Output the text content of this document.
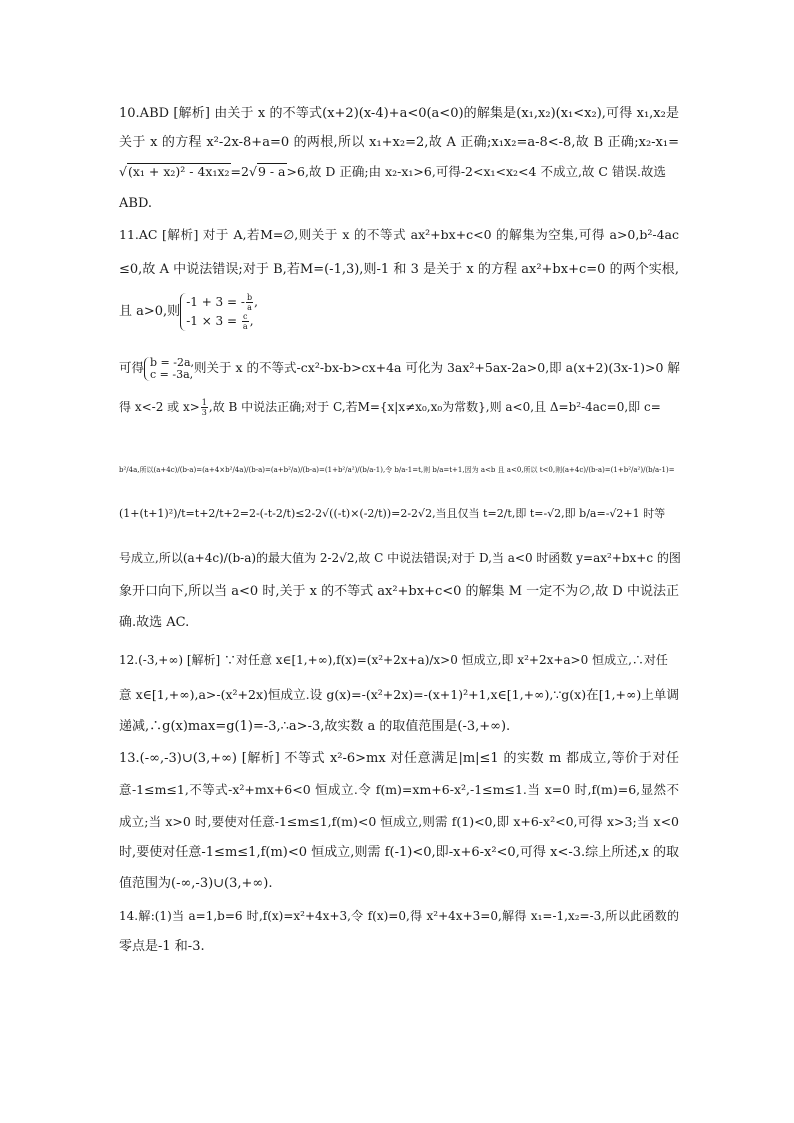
10.ABD [解析] 由关于 x 的不等式(x+2)(x-4)+a<0(a<0)的解集是(x₁,x₂)(x₁<x₂),可得 x₁,x₂是
关于 x 的方程 x²-2x-8+a=0 的两根,所以 x₁+x₂=2,故 A 正确;x₁x₂=a-8<-8,故 B 正确;x₂-x₁=
√(x₁ + x₂)² - 4x₁x₂=2√9 - a>6,故 D 正确;由 x₂-x₁>6,可得-2<x₁<x₂<4 不成立,故 C 错误.故选
ABD.
11.AC [解析] 对于 A,若M=∅,则关于 x 的不等式 ax²+bx+c<0 的解集为空集,可得 a>0,b²-4ac
≤0,故 A 中说法错误;对于 B,若M=(-1,3),则-1 和 3 是关于 x 的方程 ax²+bx+c=0 的两个实根,
且 a>0,则-1 + 3 = - $\frac{b}{a}$ ,
$-1 \times 3 = \frac{c}{a}$ ,
可得 b = -2a,
c = -3a,则关于 x 的不等式-cx²-bx-b>cx+4a 可化为 3ax²+5ax-2a>0,即 a(x+2)(3x-1)>0 解
得 x<-2 或 $x> \frac{1}{3}$ ,故 B 中说法正确;对于 C,若M={x|x≠x₀,x₀为常数},则 a<0,且 Δ=b²-4ac=0,即 c=
b²/4a,所以(a+4c)/(b-a)=(a+4×b²/4a)/(b-a)=(a+b²/a)/(b-a)=(1+b²/a²)/(b/a-1),令 b/a-1=t,则 b/a=t+1,因为 a<b 且 a<0,所以 t<0,则(a+4c)/(b-a)=(1+b²/a²)/(b/a-1)=
(1+(t+1)²)/t=t+2/t+2=2-(-t-2/t)≤2-2√((-t)×(-2/t))=2-2√2,当且仅当 t=2/t,即 t=-√2,即 b/a=-√2+1 时等
号成立,所以(a+4c)/(b-a)的最大值为 2-2√2,故 C 中说法错误;对于 D,当 a<0 时函数 y=ax²+bx+c 的图
象开口向下,所以当 a<0 时,关于 x 的不等式 ax²+bx+c<0 的解集 M 一定不为∅,故 D 中说法正
确.故选 AC.
12.(-3,+∞) [解析] ∵对任意 x∈[1,+∞),f(x)=(x²+2x+a)/x>0 恒成立,即 x²+2x+a>0 恒成立,∴对任
意 x∈[1,+∞),a>-(x²+2x)恒成立.设 g(x)=-(x²+2x)=-(x+1)²+1,x∈[1,+∞),∵g(x)在[1,+∞)上单调
递减,∴g(x)max=g(1)=-3,∴a>-3,故实数 a 的取值范围是(-3,+∞).
13.(-∞,-3)∪(3,+∞) [解析] 不等式 x²-6>mx 对任意满足|m|≤1 的实数 m 都成立,等价于对任
意-1≤m≤1,不等式-x²+mx+6<0 恒成立.令 f(m)=xm+6-x²,-1≤m≤1.当 x=0 时,f(m)=6,显然不
成立;当 x>0 时,要使对任意-1≤m≤1,f(m)<0 恒成立,则需 f(1)<0,即 x+6-x²<0,可得 x>3;当 x<0
时,要使对任意-1≤m≤1,f(m)<0 恒成立,则需 f(-1)<0,即-x+6-x²<0,可得 x<-3.综上所述,x 的取
值范围为(-∞,-3)∪(3,+∞).
14.解:(1)当 a=1,b=6 时,f(x)=x²+4x+3,令 f(x)=0,得 x²+4x+3=0,解得 x₁=-1,x₂=-3,所以此函数的
零点是-1 和-3.
